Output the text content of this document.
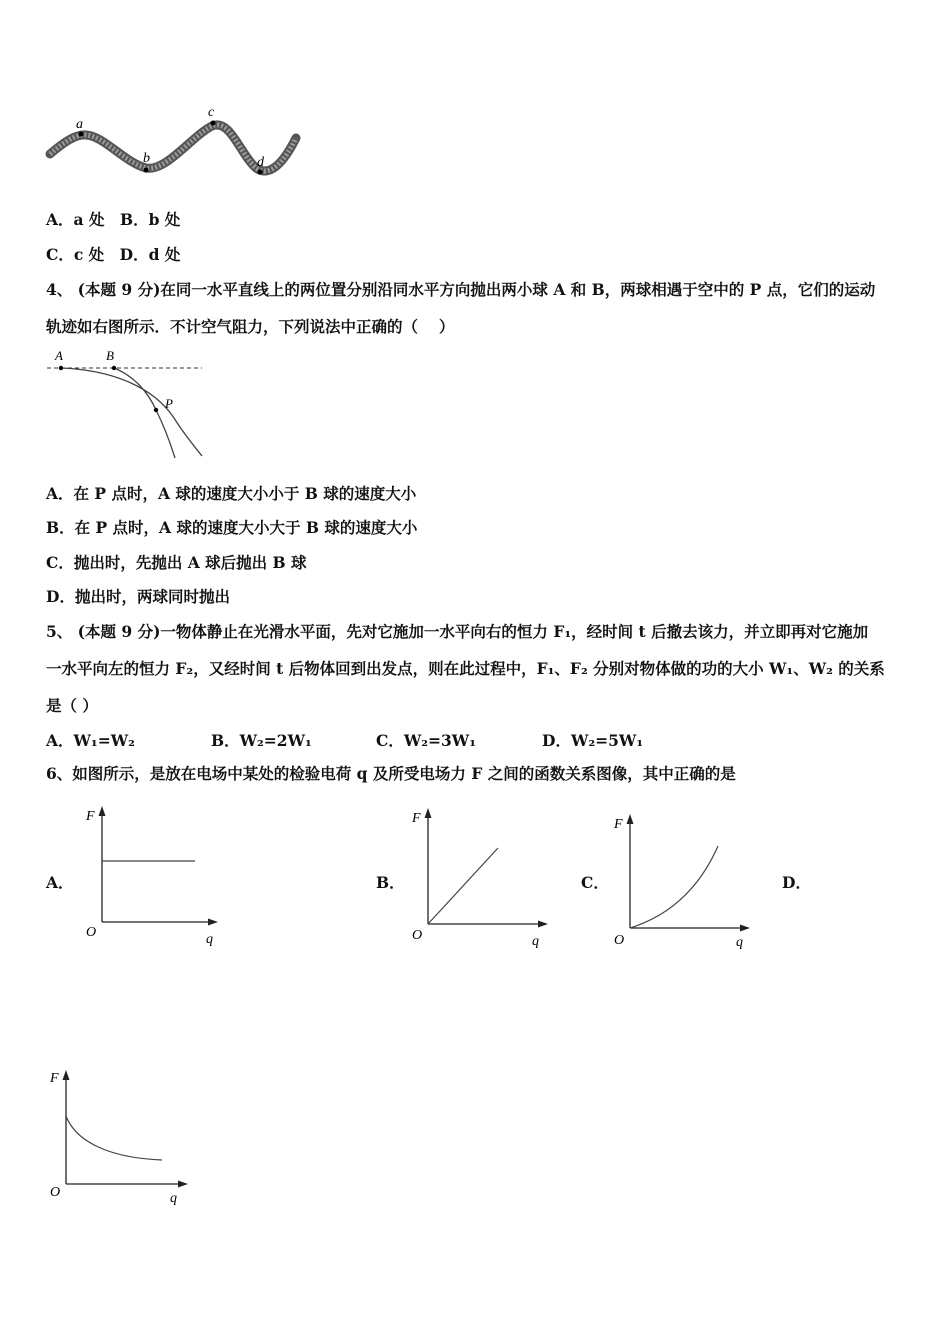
a
b
c
d
A．a 处　B．b 处
C．c 处　D．d 处
4、 (本题 9 分)在同一水平直线上的两位置分别沿同水平方向抛出两小球 A 和 B，两球相遇于空中的 P 点，它们的运动
轨迹如右图所示．不计空气阻力，下列说法中正确的（　 ）
A	B
P
A．在 P 点时，A 球的速度大小小于 B 球的速度大小
B．在 P 点时，A 球的速度大小大于 B 球的速度大小
C．抛出时，先抛出 A 球后抛出 B 球
D．抛出时，两球同时抛出
5、 (本题 9 分)一物体静止在光滑水平面，先对它施加一水平向右的恒力 F₁，经时间 t 后撤去该力，并立即再对它施加
一水平向左的恒力 F₂，又经时间 t 后物体回到出发点，则在此过程中，F₁、F₂ 分别对物体做的功的大小 W₁、W₂ 的关系
是（ ）
A．W₁=W₂	B．W₂=2W₁	C．W₂=3W₁	D．W₂=5W₁
6、如图所示，是放在电场中某处的检验电荷 q 及所受电场力 F 之间的函数关系图像，其中正确的是
A．	B．	C．	D．
F
q
O
F
q
O
F
q
O
F
q
O
